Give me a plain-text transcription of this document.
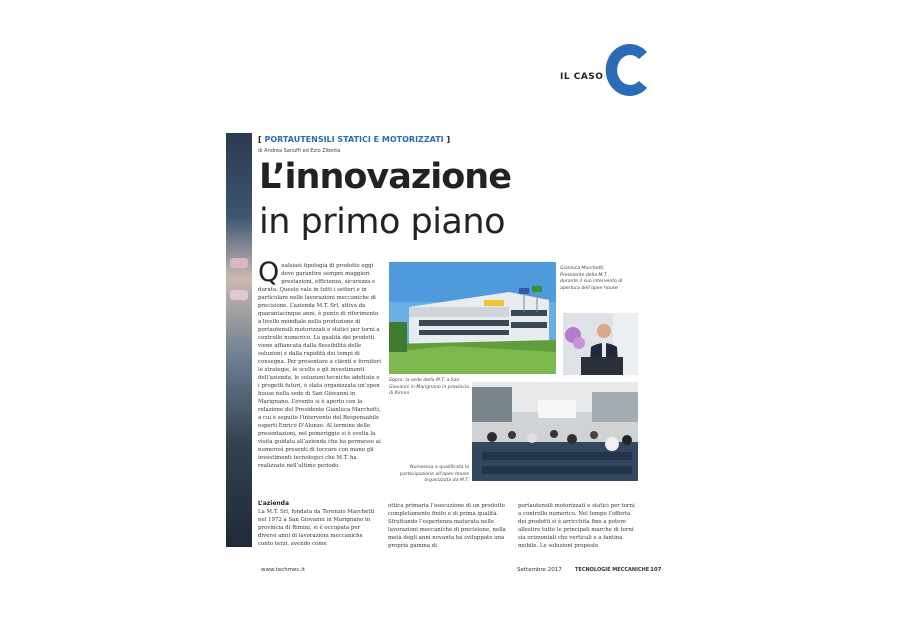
IL CASO
[ PORTAUTENSILI STATICI E MOTORIZZATI ]
di Andrea Sanuffi ed Ezio Zibetta
L’innovazione
in primo piano
Q ualsiasi tipologia di prodotto oggi deve garantire sempre maggiori prestazioni, efficienza, sicurezza e durata. Questo vale in tutti i settori e in particolare nelle lavorazioni meccaniche di precisione. L’azienda M.T. Srl, attiva da quarantacinque anni, è punto di riferimento a livello mondiale nella produzione di portautensili motorizzati e statici per torni a controllo numerico. La qualità dei prodotti viene affiancata dalla flessibilità delle soluzioni e dalla rapidità dei tempi di consegna. Per presentare a clienti e fornitori le strategie, le scelte e gli investimenti dell’azienda, le soluzioni tecniche adottate e i progetti futuri, è stata organizzata un’open house nella sede di San Giovanni in Marignano. L’evento si è aperto con la relazione del Presidente Gianluca Marchetti, a cui è seguito l’intervento del Responsabile esperti Enrico D’Alonzo. Al termine delle presentazioni, nel pomeriggio si è svolta la visita guidata all’azienda che ha permesso ai numerosi presenti di toccare con mano gli investimenti tecnologici che M.T. ha realizzato nell’ultimo periodo.
Gianluca Marchetti, Presidente della M.T., durante il suo intervento di apertura dell’open house
Sopra: la sede della M.T. a San Giovanni in Marignano in provincia di Rimini
Numerosa e qualificata la partecipazione all’open house organizzata da M.T.
L’azienda
La M.T. Srl, fondata da Terenzio Marchetti nel 1972 a San Giovanni in Marignano in provincia di Rimini, si è occupata per diversi anni di lavorazioni meccaniche conto terzi, avendo come
ottica primaria l’esecuzione di un prodotto completamente finito e di prima qualità. Sfruttando l’esperienza maturata nelle lavorazioni meccaniche di precisione, nella metà degli anni novanta ha sviluppato una propria gamma di
portautensili motorizzati e statici per torni a controllo numerico. Nel tempo l’offerta dei prodotti si è arricchita fino a potere allestire tutte le principali marche di torni sia orizzontali che verticali e a fantina mobile. Le soluzioni proposte
www.techmec.it	Settembre 2017	TECNOLOGIE MECCANICHE 107
